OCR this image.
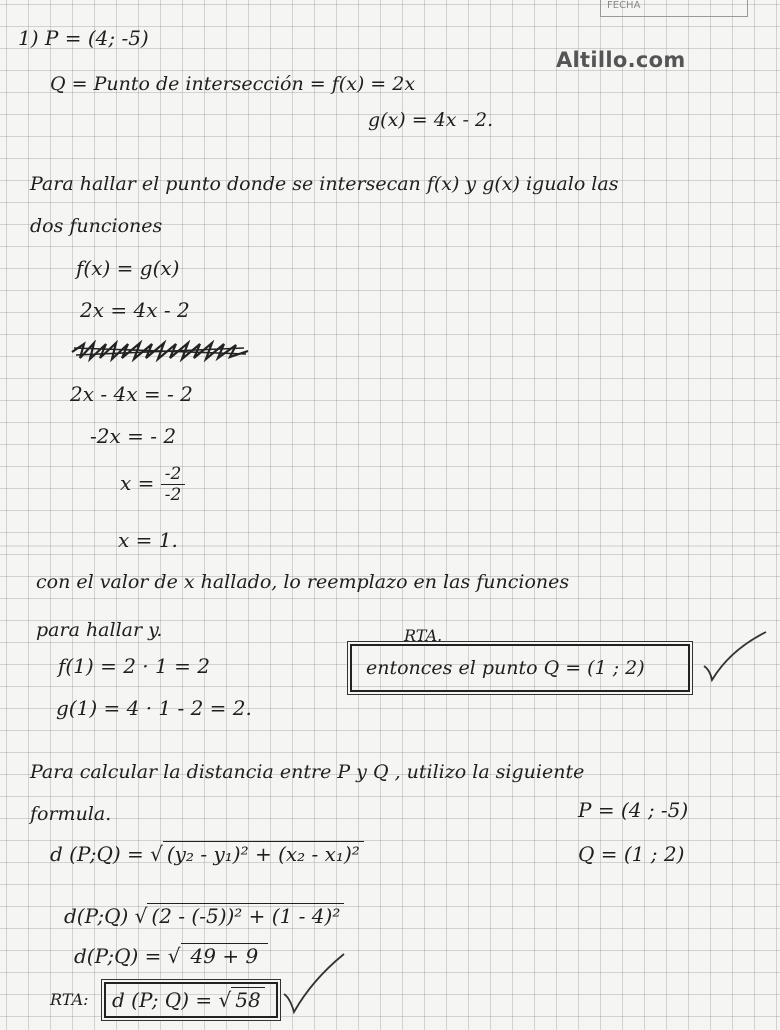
FECHA
Altillo.com
1) P = (4; -5)
Q = Punto de intersección = f(x) = 2x
g(x) = 4x - 2.
Para hallar el punto donde se intersecan f(x) y g(x) igualo las
dos funciones
f(x) = g(x)
2x = 4x - 2
2x - 4x = - 2
-2x = - 2
$x = \frac{-2}{-2}$
x = 1.
con el valor de x hallado, lo reemplazo en las funciones
para hallar y.
f(1) = 2 · 1 = 2
g(1) = 4 · 1 - 2 = 2.
RTA.
entonces el punto Q = (1 ; 2)
Para calcular la distancia entre P y Q , utilizo la siguiente
formula.
d (P;Q) = √ (y₂ - y₁)² + (x₂ - x₁)²
P = (4 ; -5)
Q = (1 ; 2)
d(P;Q) √ (2 - (-5))² + (1 - 4)²
d(P;Q) = √ 49 + 9
RTA: d (P; Q) = √ 58
